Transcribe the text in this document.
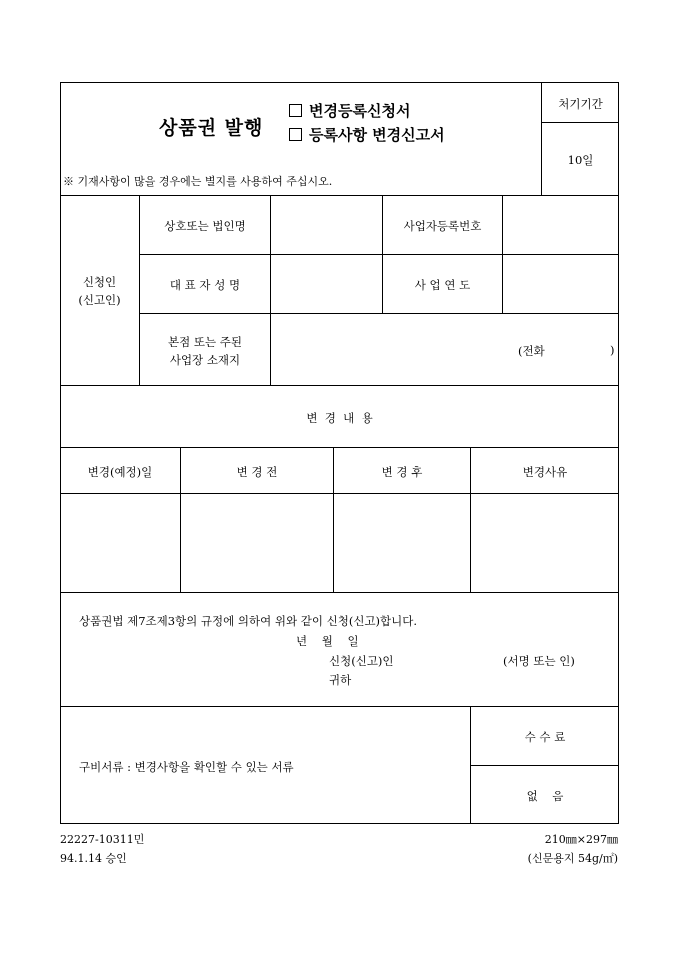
상품권 발행
변경등록신청서
등록사항 변경신고서
※ 기재사항이 많을 경우에는 별지를 사용하여 주십시오.
처기기간
10일
신청인
(신고인)
상호또는 법인명	사업자등록번호
대 표 자 성 명	사 업 연 도
본점 또는 주된
사업장 소재지
(전화	)
변  경  내  용
변경(예정)일	변 경 전	변 경 후	변경사유
상품권법 제7조제3항의 규정에 의하여 위와 같이 신청(신고)합니다.
년    월    일
신청(신고)인	(서명 또는 인)
귀하
구비서류 : 변경사항을 확인할 수 있는 서류
수 수 료
없    음
22227-10311민
94.1.14 승인
210㎜×297㎜
(신문용지 54g/㎡)
